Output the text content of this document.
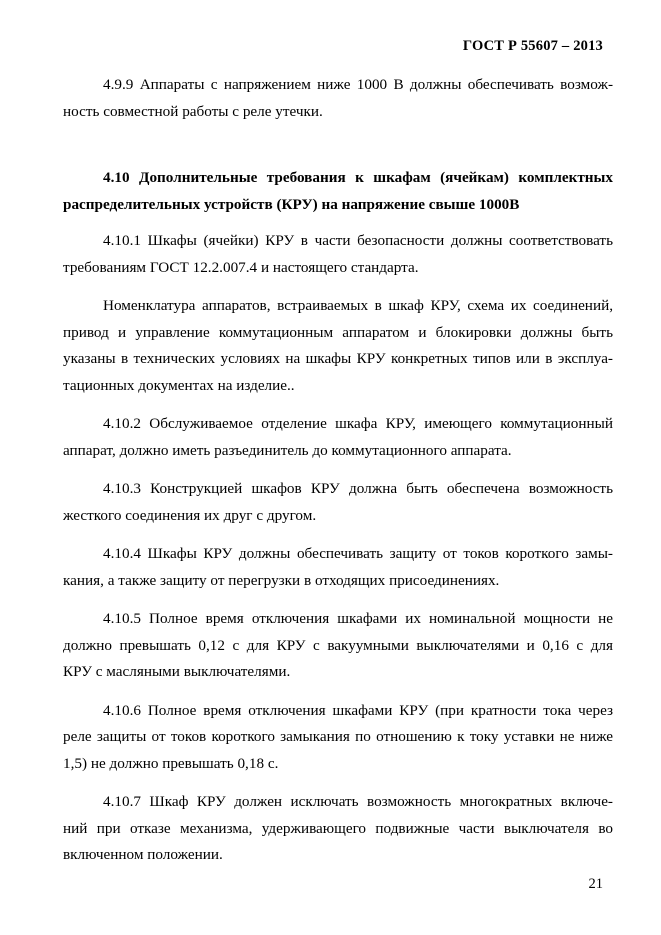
ГОСТ Р 55607 – 2013
4.9.9 Аппараты с напряжением ниже 1000 В должны обеспечивать возмож-
ность совместной работы с реле утечки.
4.10 Дополнительные требования к шкафам (ячейкам) комплектных
распределительных устройств (КРУ) на напряжение свыше 1000В
4.10.1 Шкафы (ячейки) КРУ в части безопасности должны соответствовать
требованиям ГОСТ 12.2.007.4 и настоящего стандарта.
Номенклатура аппаратов, встраиваемых в шкаф КРУ, схема их соединений,
привод и управление коммутационным аппаратом и блокировки должны быть
указаны в технических условиях на шкафы КРУ конкретных типов или в эксплуа-
тационных документах на изделие..
4.10.2 Обслуживаемое отделение шкафа КРУ, имеющего коммутационный
аппарат, должно иметь разъединитель до коммутационного аппарата.
4.10.3 Конструкцией шкафов КРУ должна быть обеспечена возможность
жесткого соединения их друг с другом.
4.10.4 Шкафы КРУ должны обеспечивать защиту от токов короткого замы-
кания, а также защиту от перегрузки в отходящих присоединениях.
4.10.5 Полное время отключения шкафами их номинальной мощности не
должно превышать 0,12 с для КРУ с вакуумными выключателями и 0,16 с для
КРУ с масляными выключателями.
4.10.6 Полное время отключения шкафами КРУ (при кратности тока через
реле защиты от токов короткого замыкания по отношению к току уставки не ниже
1,5) не должно превышать 0,18 с.
4.10.7 Шкаф КРУ должен исключать возможность многократных включе-
ний при отказе механизма, удерживающего подвижные части выключателя во
включенном положении.
21
